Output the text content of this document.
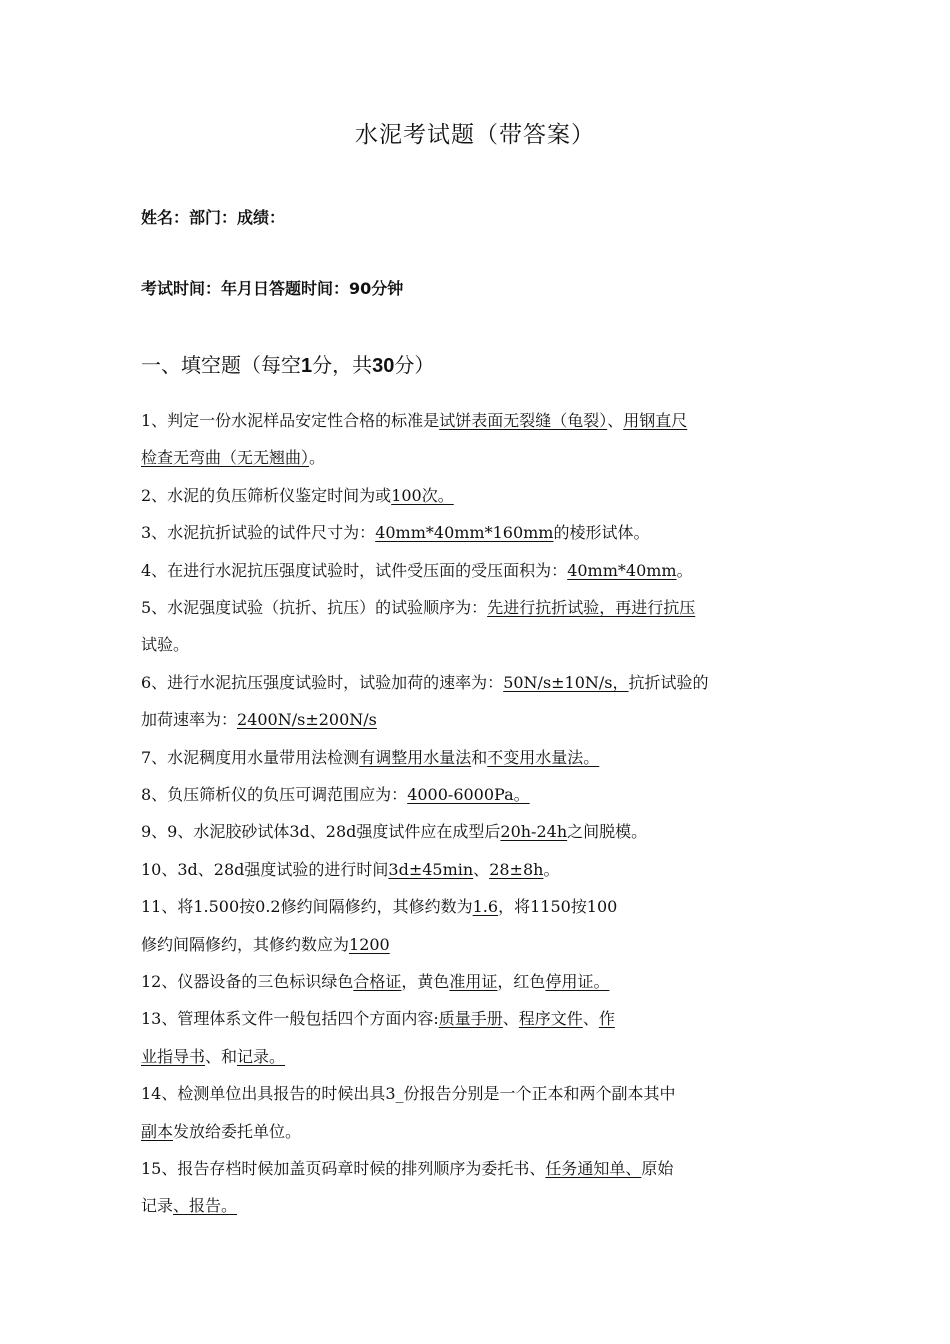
水泥考试题（带答案）
姓名：部门：成绩：
考试时间：年月日答题时间：90分钟
一、填空题（每空1分，共30分）
1、判定一份水泥样品安定性合格的标准是试饼表面无裂缝（龟裂）、用钢直尺
检查无弯曲（无无翘曲）。
2、水泥的负压筛析仪鉴定时间为或100次。
3、水泥抗折试验的试件尺寸为：40mm*40mm*160mm的棱形试体。
4、在进行水泥抗压强度试验时，试件受压面的受压面积为：40mm*40mm。
5、水泥强度试验（抗折、抗压）的试验顺序为：先进行抗折试验，再进行抗压
试验。
6、进行水泥抗压强度试验时，试验加荷的速率为：50N/s±10N/s，抗折试验的
加荷速率为：2400N/s±200N/s
7、水泥稠度用水量带用法检测有调整用水量法和不变用水量法。
8、负压筛析仪的负压可调范围应为：4000-6000Pa。
9、9、水泥胶砂试体3d、28d强度试件应在成型后20h-24h之间脱模。
10、3d、28d强度试验的进行时间3d±45min、28±8h。
11、将1.500按0.2修约间隔修约，其修约数为1.6，将1150按100
修约间隔修约，其修约数应为1200
12、仪器设备的三色标识绿色合格证，黄色准用证，红色停用证。
13、管理体系文件一般包括四个方面内容:质量手册、程序文件、作
业指导书、和记录。
14、检测单位出具报告的时候出具3_份报告分别是一个正本和两个副本其中
副本发放给委托单位。
15、报告存档时候加盖页码章时候的排列顺序为委托书、任务通知单、原始
记录、报告。
